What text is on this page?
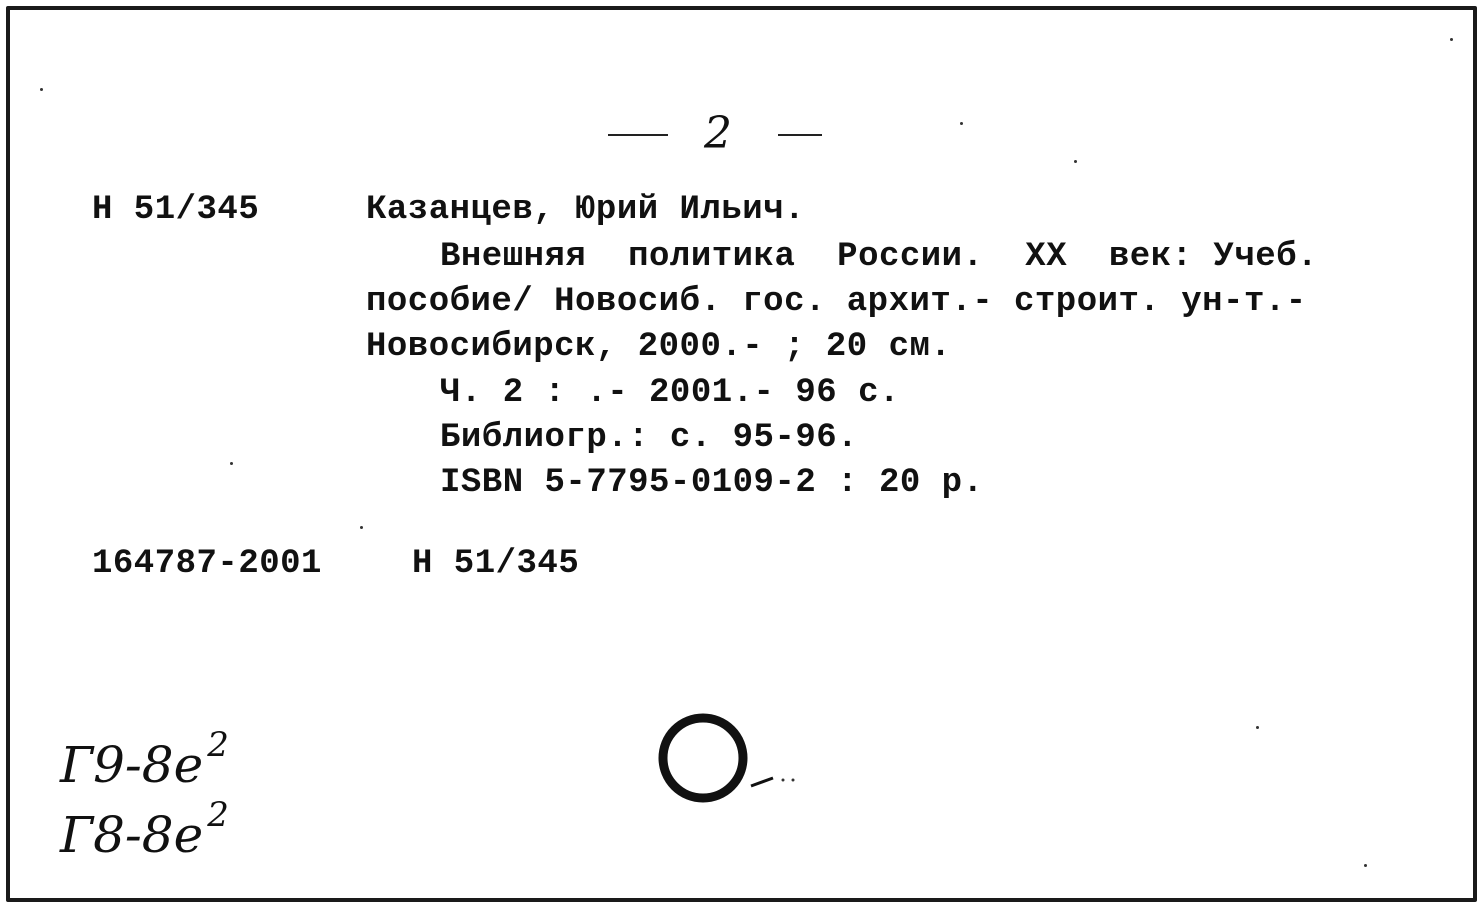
2
Н 51/345	Казанцев, Юрий Ильич.
Внешняя  политика  России.  XX  век: Учеб.
пособие/ Новосиб. гос. архит.- строит. ун-т.-
Новосибирск, 2000.- ; 20 см.
Ч. 2 : .- 2001.- 96 с.
Библиогр.: с. 95-96.
ISBN 5-7795-0109-2 : 20 р.
164787-2001	Н 51/345
Г9-8е 2
Г8-8е 2
